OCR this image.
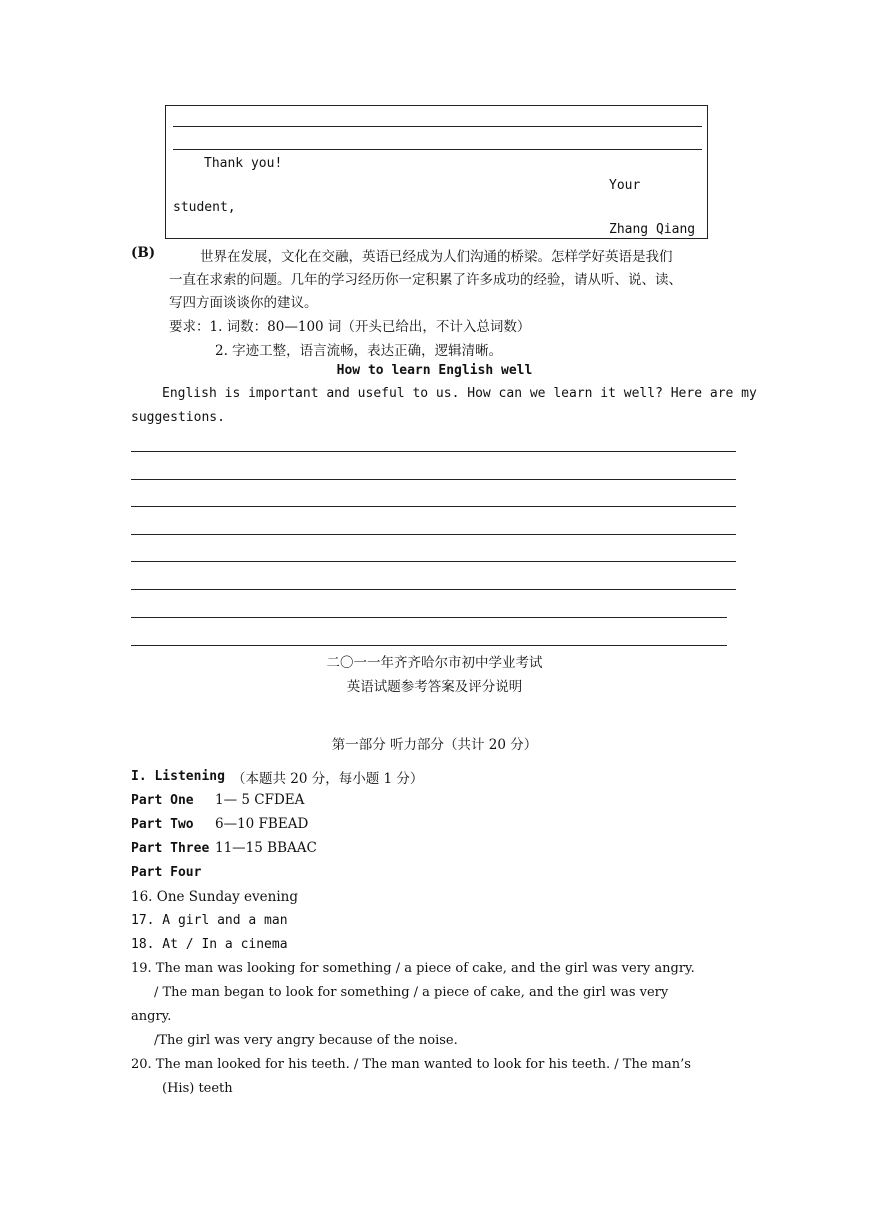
Thank you!
Your
student,
Zhang Qiang
(B)	世界在发展，文化在交融，英语已经成为人们沟通的桥梁。怎样学好英语是我们
一直在求索的问题。几年的学习经历你一定积累了许多成功的经验，请从听、说、读、
写四方面谈谈你的建议。
要求：1. 词数：80—100 词（开头已给出，不计入总词数）
2. 字迹工整，语言流畅，表达正确，逻辑清晰。
How to learn English well
English is important and useful to us. How can we learn it well? Here are my
suggestions.
二〇一一年齐齐哈尔市初中学业考试
英语试题参考答案及评分说明
第一部分 听力部分（共计 20 分）
I. Listening （本题共 20 分，每小题 1 分）
Part One 1— 5 CFDEA
Part Two 6—10 FBEAD
Part Three 11—15 BBAAC
Part Four
16. One Sunday evening
17. A girl and a man
18. At / In a cinema
19. The man was looking for something / a piece of cake, and the girl was very angry.
/ The man began to look for something / a piece of cake, and the girl was very
angry.
/The girl was very angry because of the noise.
20. The man looked for his teeth. / The man wanted to look for his teeth. / The man’s
(His) teeth
